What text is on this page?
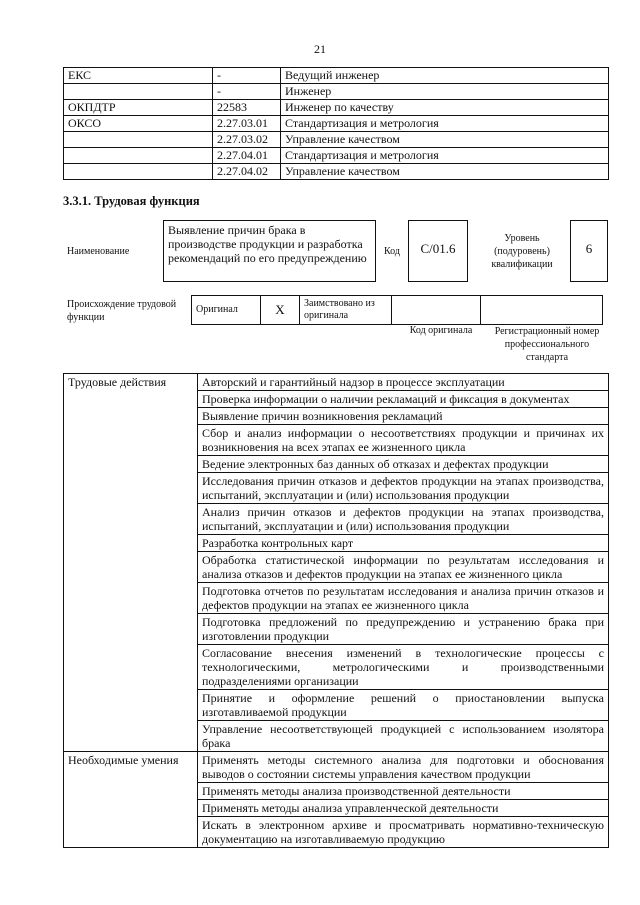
21
ЕКС	-	Ведущий инженер
	-	Инженер
ОКПДТР	22583	Инженер по качеству
ОКСО	2.27.03.01	Стандартизация и метрология
	2.27.03.02	Управление качеством
	2.27.04.01	Стандартизация и метрология
	2.27.04.02	Управление качеством
3.3.1. Трудовая функция
Наименование
Выявление причин брака в производстве продукции и разработка рекомендаций по его предупреждению	Код C/01.6
Уровень (подуровень) квалификации
6
Происхождение трудовой функции
Оригинал	X	Заимствовано из оригинала		
Код оригинала	Регистрационный номер профессионального стандарта
Трудовые действия	Авторский и гарантийный надзор в процессе эксплуатации
	Проверка информации о наличии рекламаций и фиксация в документах
	Выявление причин возникновения рекламаций
	Сбор и анализ информации о несоответствиях продукции и причинах их возникновения на всех этапах ее жизненного цикла
	Ведение электронных баз данных об отказах и дефектах продукции
	Исследования причин отказов и дефектов продукции на этапах производства, испытаний, эксплуатации и (или) использования продукции
	Анализ причин отказов и дефектов продукции на этапах производства, испытаний, эксплуатации и (или) использования продукции
	Разработка контрольных карт
	Обработка статистической информации по результатам исследования и анализа отказов и дефектов продукции на этапах ее жизненного цикла
	Подготовка отчетов по результатам исследования и анализа причин отказов и дефектов продукции на этапах ее жизненного цикла
	Подготовка предложений по предупреждению и устранению брака при изготовлении продукции
	Согласование внесения изменений в технологические процессы с технологическими, метрологическими и производственными подразделениями организации
	Принятие и оформление решений о приостановлении выпуска изготавливаемой продукции
	Управление несоответствующей продукцией с использованием изолятора брака
Необходимые умения	Применять методы системного анализа для подготовки и обоснования выводов о состоянии системы управления качеством продукции
	Применять методы анализа производственной деятельности
	Применять методы анализа управленческой деятельности
	Искать в электронном архиве и просматривать нормативно-техническую документацию на изготавливаемую продукцию
